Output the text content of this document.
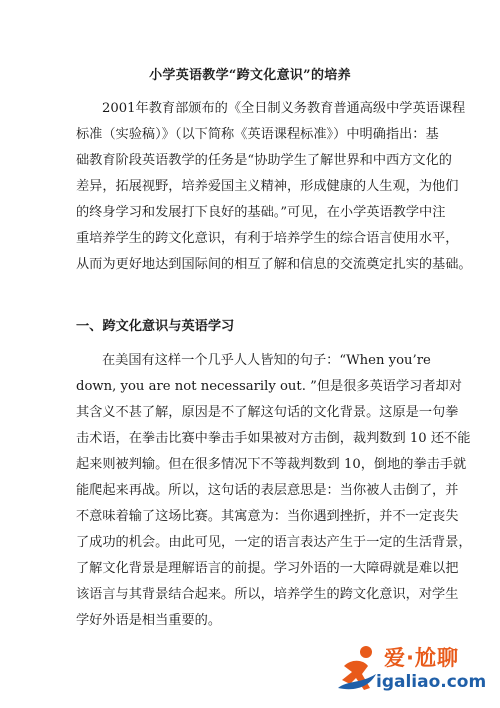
小学英语教学“跨文化意识”的培养
2001年教育部颁布的《全日制义务教育普通高级中学英语课程
标准（实验稿）》（以下简称《英语课程标准》）中明确指出：基
础教育阶段英语教学的任务是“协助学生了解世界和中西方文化的
差异，拓展视野，培养爱国主义精神，形成健康的人生观，为他们
的终身学习和发展打下良好的基础。”可见，在小学英语教学中注
重培养学生的跨文化意识，有利于培养学生的综合语言使用水平，
从而为更好地达到国际间的相互了解和信息的交流奠定扎实的基础。
一、跨文化意识与英语学习
在美国有这样一个几乎人人皆知的句子：“When you’re
down, you are not necessarily out. ”但是很多英语学习者却对
其含义不甚了解，原因是不了解这句话的文化背景。这原是一句拳
击术语，在拳击比赛中拳击手如果被对方击倒，裁判数到 10 还不能
起来则被判输。但在很多情况下不等裁判数到 10，倒地的拳击手就
能爬起来再战。所以，这句话的表层意思是：当你被人击倒了，并
不意味着输了这场比赛。其寓意为：当你遇到挫折，并不一定丧失
了成功的机会。由此可见，一定的语言表达产生于一定的生活背景，
了解文化背景是理解语言的前提。学习外语的一大障碍就是难以把
该语言与其背景结合起来。所以，培养学生的跨文化意识，对学生
学好外语是相当重要的。
爱·尬聊
igaliao.com
